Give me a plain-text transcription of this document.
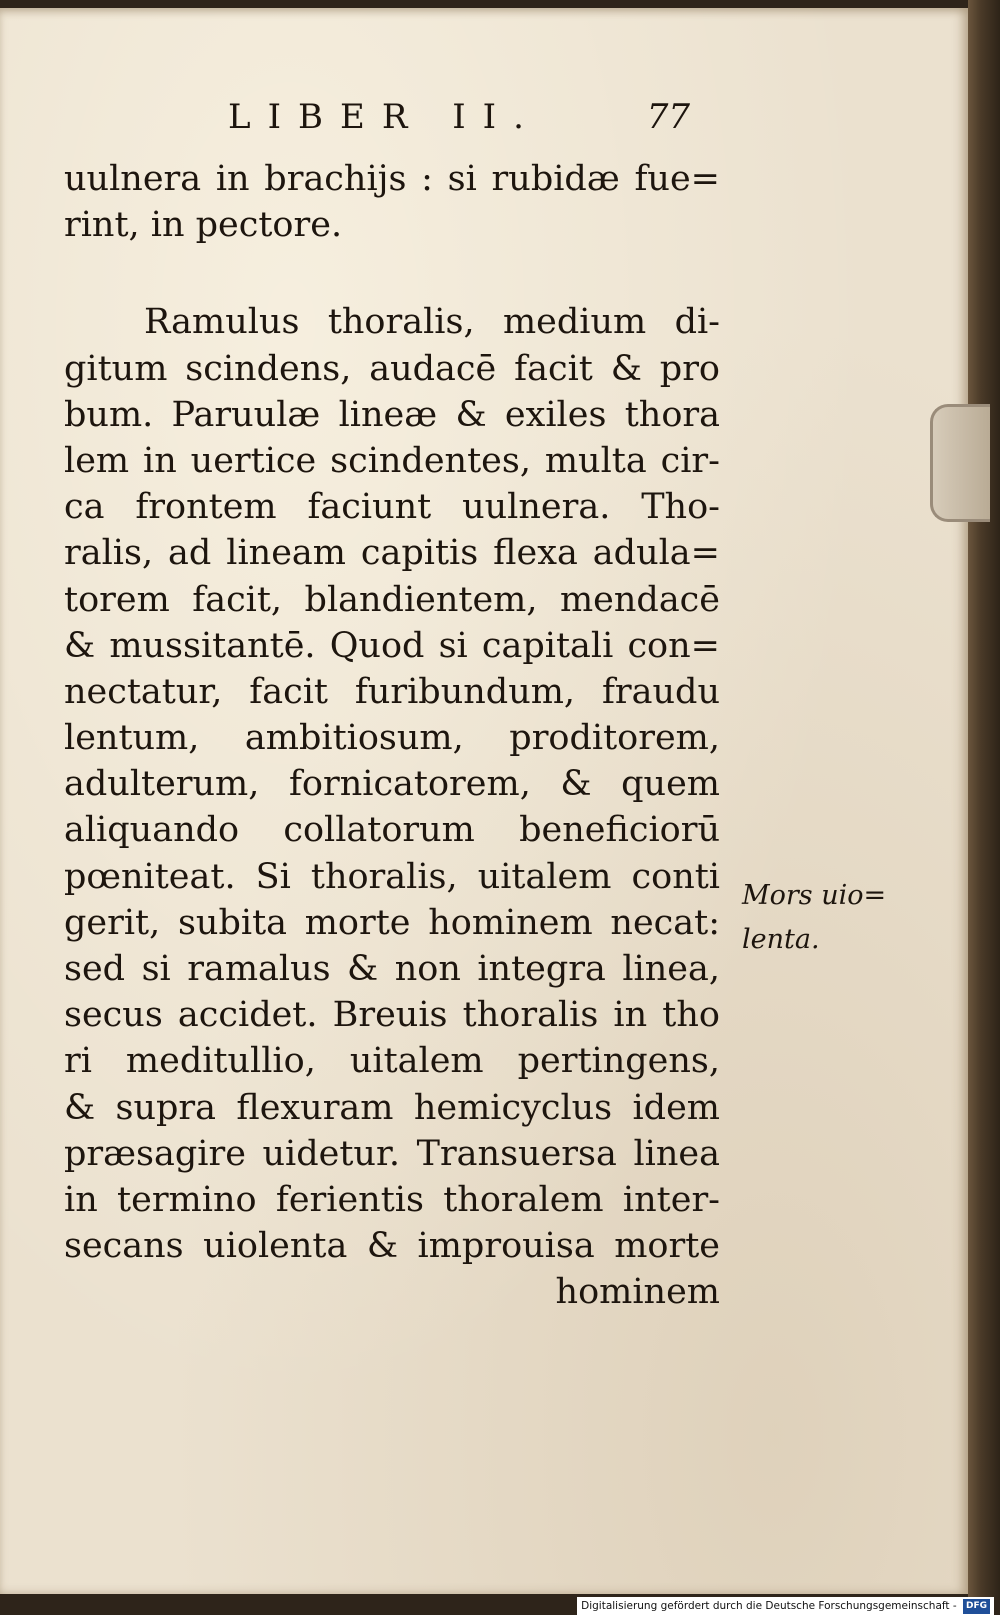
LIBER II.	77
uulnera in brachijs : si rubidæ fue=
rint, in pectore.
Ramulus thoralis, medium di-
gitum scindens, audacē facit & pro
bum. Paruulæ lineæ & exiles thora
lem in uertice scindentes, multa cir-
ca frontem faciunt uulnera. Tho-
ralis, ad lineam capitis flexa adula=
torem facit, blandientem, mendacē
& mussitantē. Quod si capitali con=
nectatur, facit furibundum, fraudu
lentum, ambitiosum, proditorem,
adulterum, fornicatorem, & quem
aliquando collatorum beneficiorū
pœniteat. Si thoralis, uitalem conti
gerit, subita morte hominem necat:
sed si ramalus & non integra linea,
secus accidet. Breuis thoralis in tho
ri meditullio, uitalem pertingens,
& supra flexuram hemicyclus idem
præsagire uidetur. Transuersa linea
in termino ferientis thoralem inter-
secans uiolenta & improuisa morte
hominem
Mors uio=
lenta.
Digitalisierung gefördert durch die Deutsche Forschungsgemeinschaft - DFG
